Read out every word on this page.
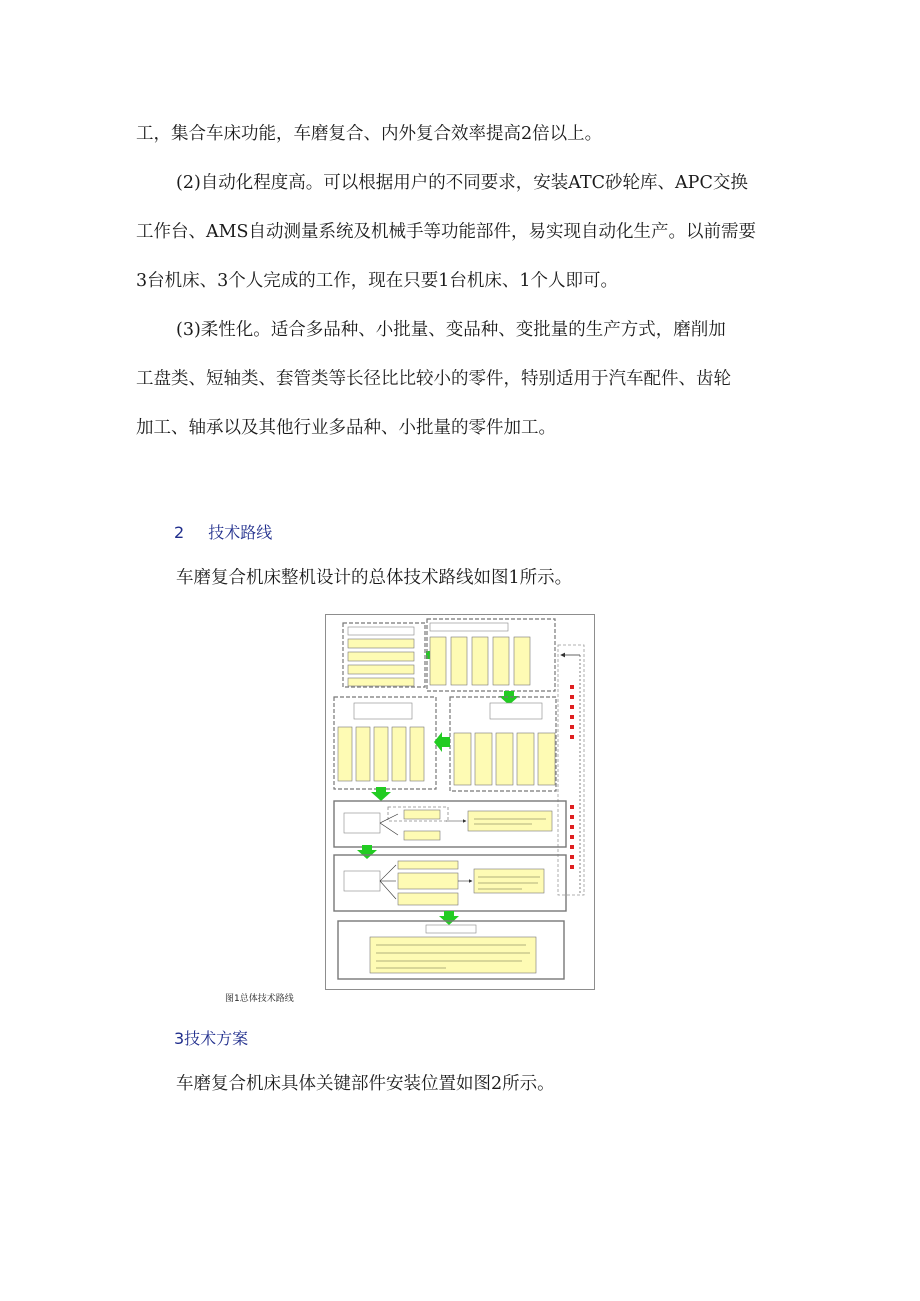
工，集合车床功能，车磨复合、内外复合效率提高2倍以上。

(2)自动化程度高。可以根据用户的不同要求，安装ATC砂轮库、APC交换

工作台、AMS自动测量系统及机械手等功能部件，易实现自动化生产。以前需要

3台机床、3个人完成的工作，现在只要1台机床、1个人即可。

(3)柔性化。适合多品种、小批量、变品种、变批量的生产方式，磨削加

工盘类、短轴类、套管类等长径比比较小的零件，特别适用于汽车配件、齿轮

加工、轴承以及其他行业多品种、小批量的零件加工。

2 技术路线

车磨复合机床整机设计的总体技术路线如图1所示。

图1总体技术路线
3技术方案

车磨复合机床具体关键部件安装位置如图2所示。
